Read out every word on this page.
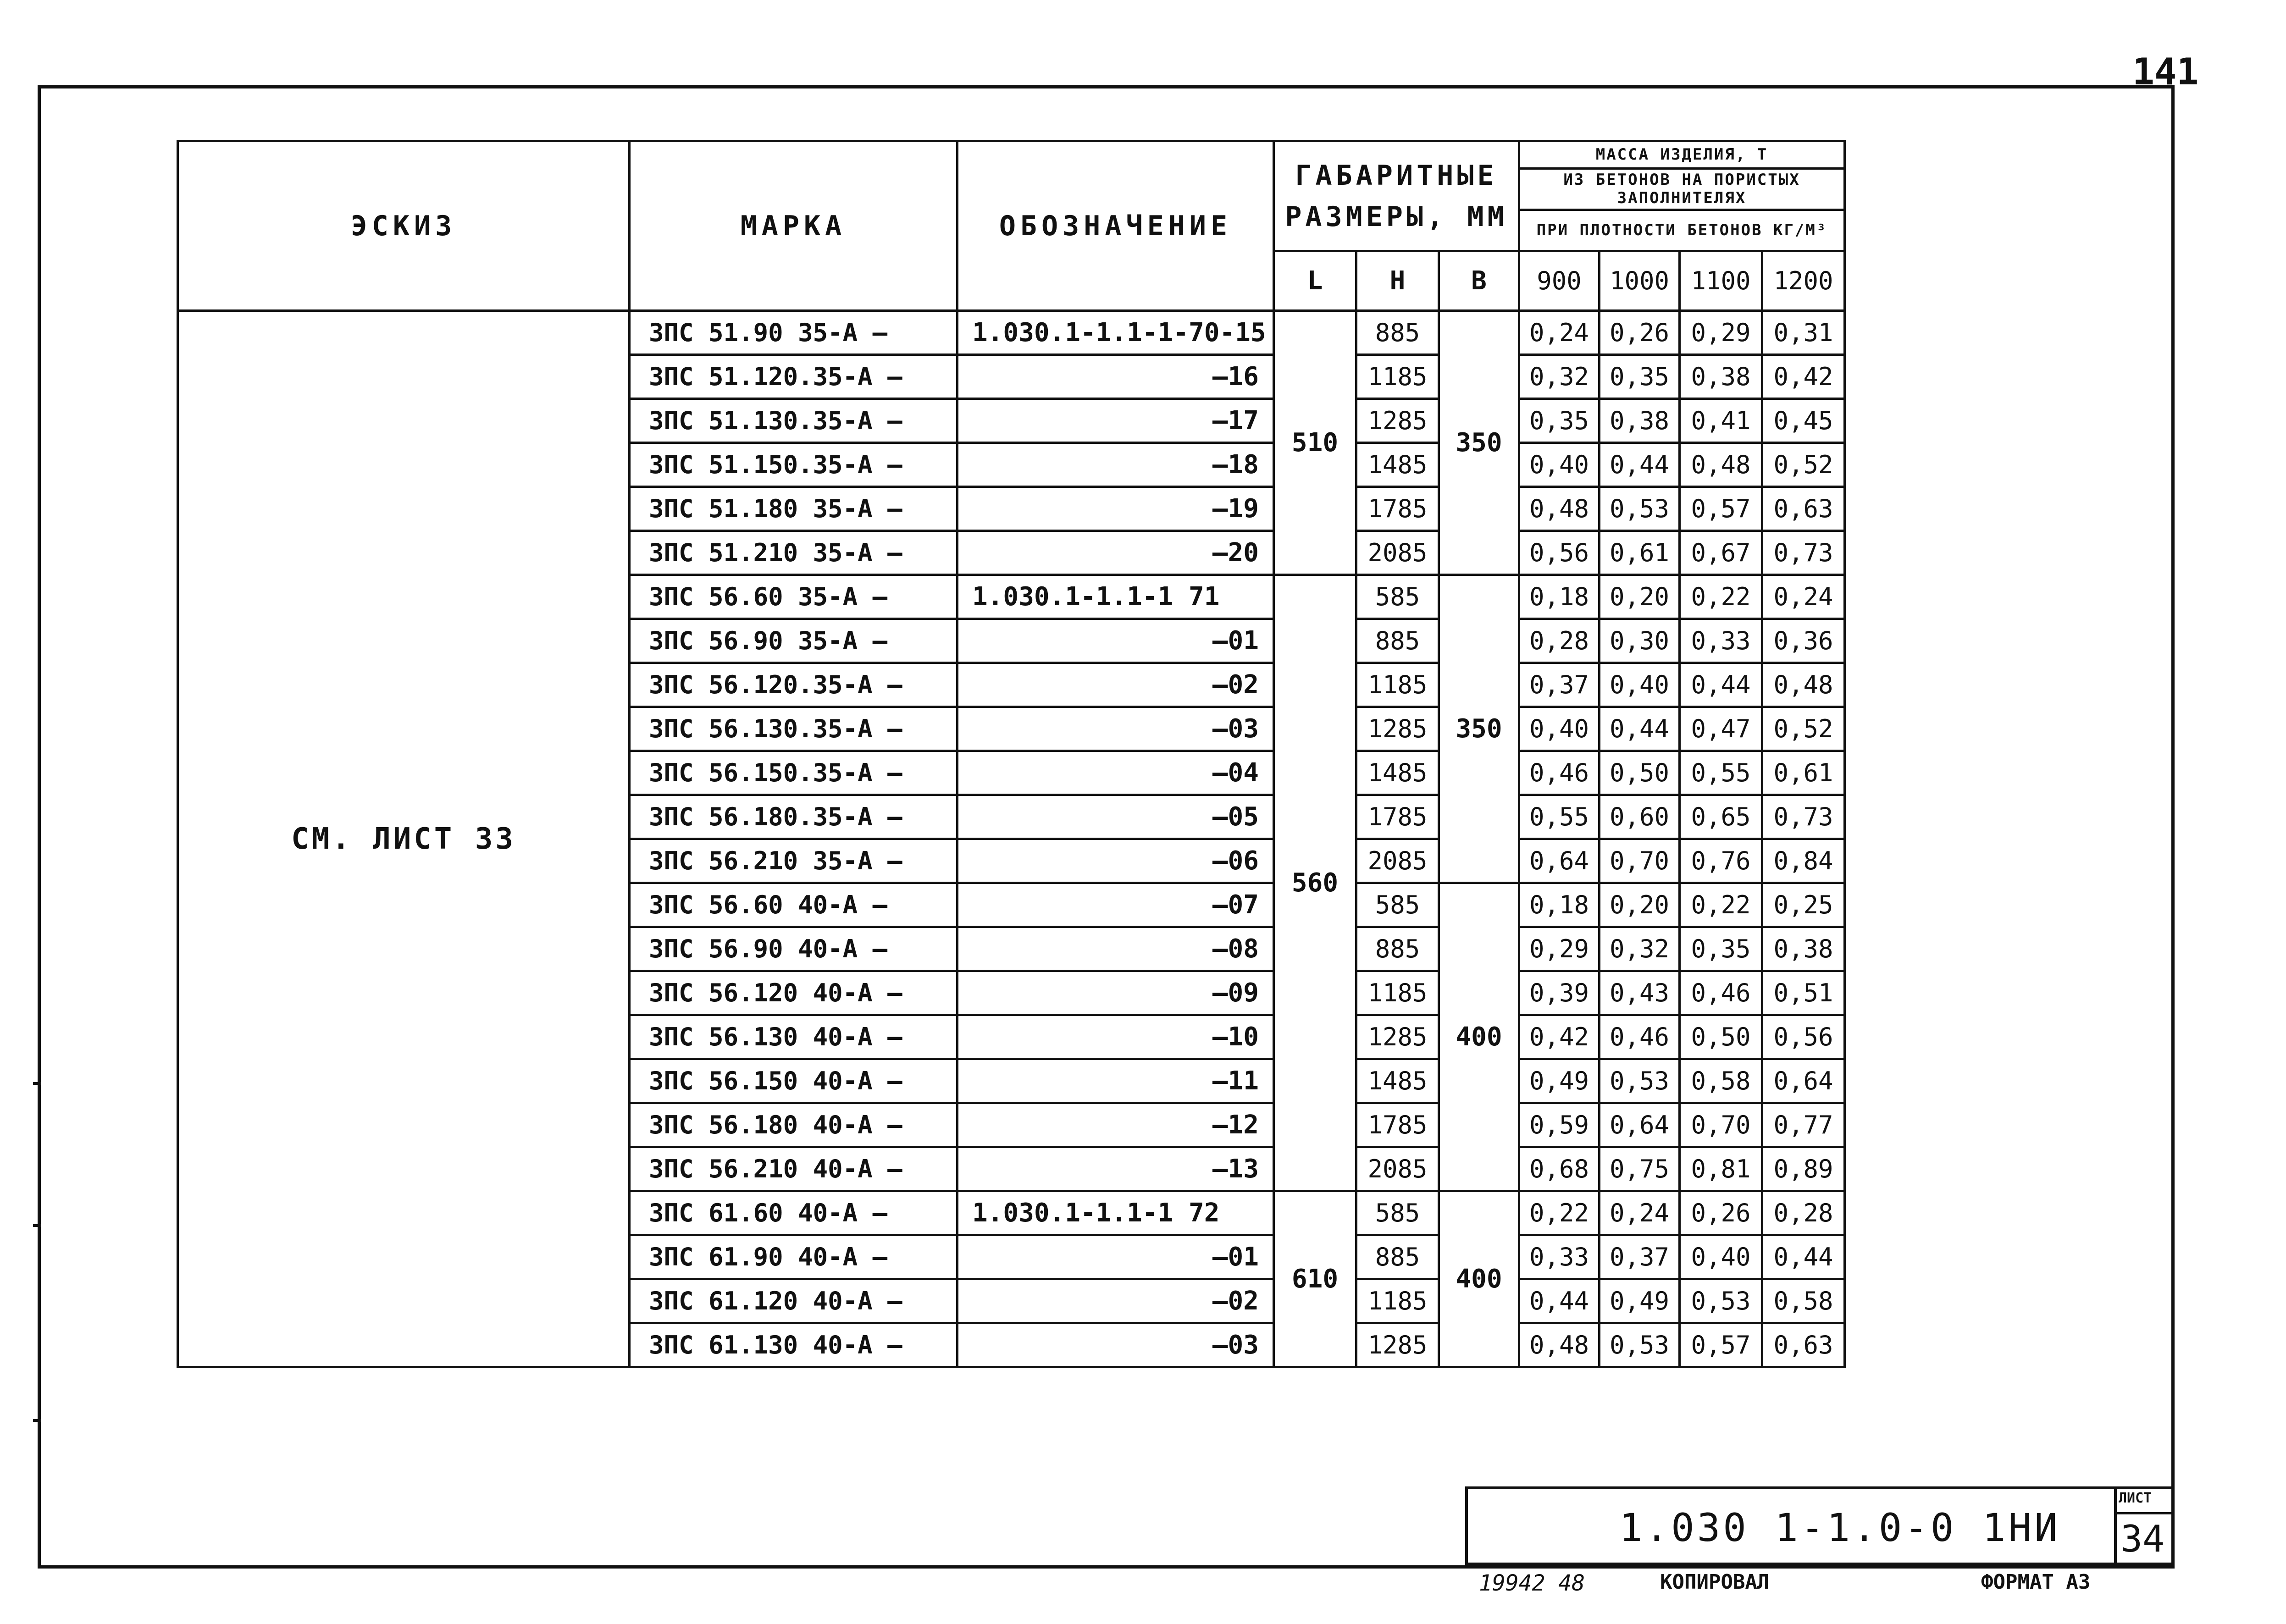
141
ЭСКИЗ	МАРКА	ОБОЗНАЧЕНИЕ	ГАБАРИТНЫЕ РАЗМЕРЫ, ММ			МАССА ИЗДЕЛИЯ, Т			
						ИЗ БЕТОНОВ НА ПОРИСТЫХ ЗАПОЛНИТЕЛЯХ			
						ПРИ ПЛОТНОСТИ БЕТОНОВ КГ/М³			
			L	H	B	900	1000	1100	1200
СМ. ЛИСТ 33	ЗПС 51.90 35-А –	1.030.1-1.1-1-70-15	510	885	350	0,24	0,26	0,29	0,31
	ЗПС 51.120.35-А –	–16		1185		0,32	0,35	0,38	0,42
	ЗПС 51.130.35-А –	–17		1285		0,35	0,38	0,41	0,45
	ЗПС 51.150.35-А –	–18		1485		0,40	0,44	0,48	0,52
	ЗПС 51.180 35-А –	–19		1785		0,48	0,53	0,57	0,63
	ЗПС 51.210 35-А –	–20		2085		0,56	0,61	0,67	0,73
	ЗПС 56.60 35-А –	1.030.1-1.1-1 71	560	585	350	0,18	0,20	0,22	0,24
	ЗПС 56.90 35-А –	–01		885		0,28	0,30	0,33	0,36
	ЗПС 56.120.35-А –	–02		1185		0,37	0,40	0,44	0,48
	ЗПС 56.130.35-А –	–03		1285		0,40	0,44	0,47	0,52
	ЗПС 56.150.35-А –	–04		1485		0,46	0,50	0,55	0,61
	ЗПС 56.180.35-А –	–05		1785		0,55	0,60	0,65	0,73
	ЗПС 56.210 35-А –	–06		2085		0,64	0,70	0,76	0,84
	ЗПС 56.60 40-А –	–07		585	400	0,18	0,20	0,22	0,25
	ЗПС 56.90 40-А –	–08		885		0,29	0,32	0,35	0,38
	ЗПС 56.120 40-А –	–09		1185		0,39	0,43	0,46	0,51
	ЗПС 56.130 40-А –	–10		1285		0,42	0,46	0,50	0,56
	ЗПС 56.150 40-А –	–11		1485		0,49	0,53	0,58	0,64
	ЗПС 56.180 40-А –	–12		1785		0,59	0,64	0,70	0,77
	ЗПС 56.210 40-А –	–13		2085		0,68	0,75	0,81	0,89
	ЗПС 61.60 40-А –	1.030.1-1.1-1 72	610	585	400	0,22	0,24	0,26	0,28
	ЗПС 61.90 40-А –	–01		885		0,33	0,37	0,40	0,44
	ЗПС 61.120 40-А –	–02		1185		0,44	0,49	0,53	0,58
	ЗПС 61.130 40-А –	–03		1285		0,48	0,53	0,57	0,63
1.030 1-1.0-0 1НИ
ЛИСТ
34
19942 48	КОПИРОВАЛ	ФОРМАТ А3
